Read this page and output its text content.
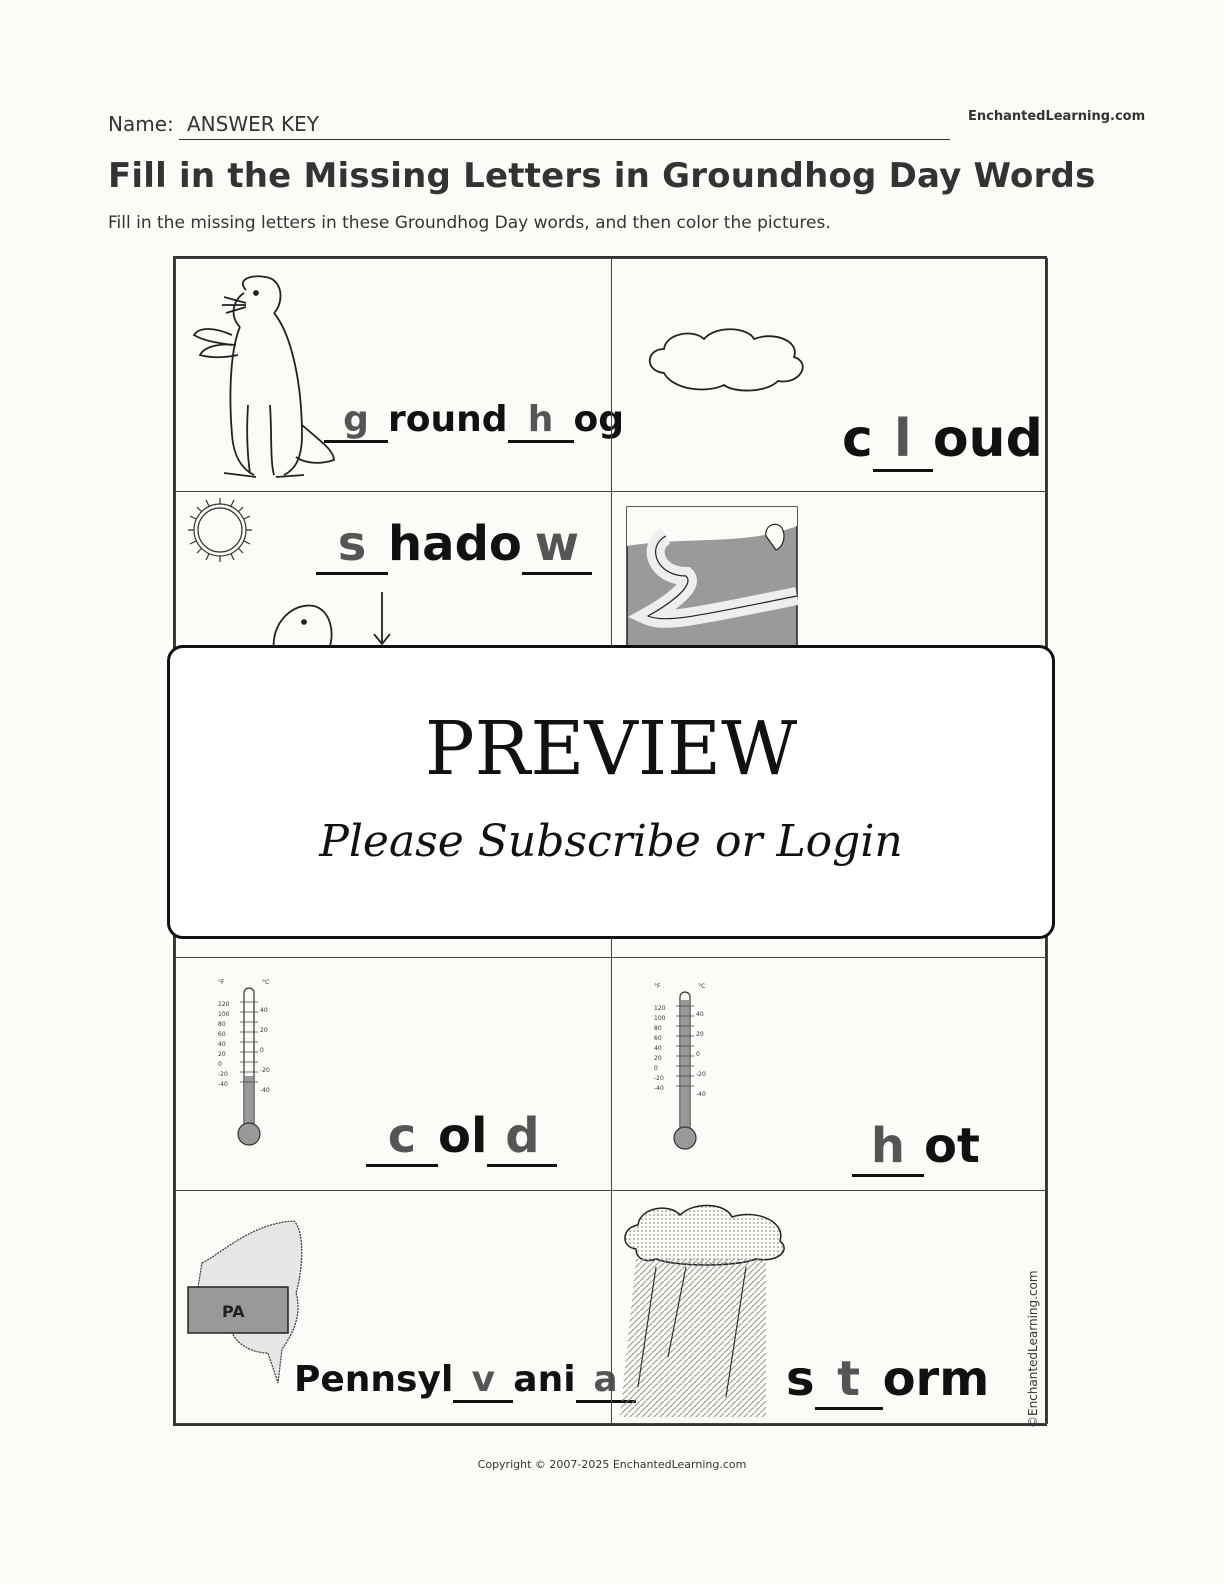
Name: ANSWER KEY	EnchantedLearning.com
Fill in the Missing Letters in Groundhog Day Words
Fill in the missing letters in these Groundhog Day words, and then color the pictures.
g round h og	c l oud
s hado w
°F	°C
120
100
80
60
40
20
0
-20
-40
40
20
0
-20
-40
c ol d
°F	°C
120
100
80
60
40
20
0
-20
-40
40
20
0
-20
-40
h ot
PA
Pennsyl v ani a	s t orm	©EnchantedLearning.com
PREVIEW
Please Subscribe or Login
Copyright © 2007-2025 EnchantedLearning.com
